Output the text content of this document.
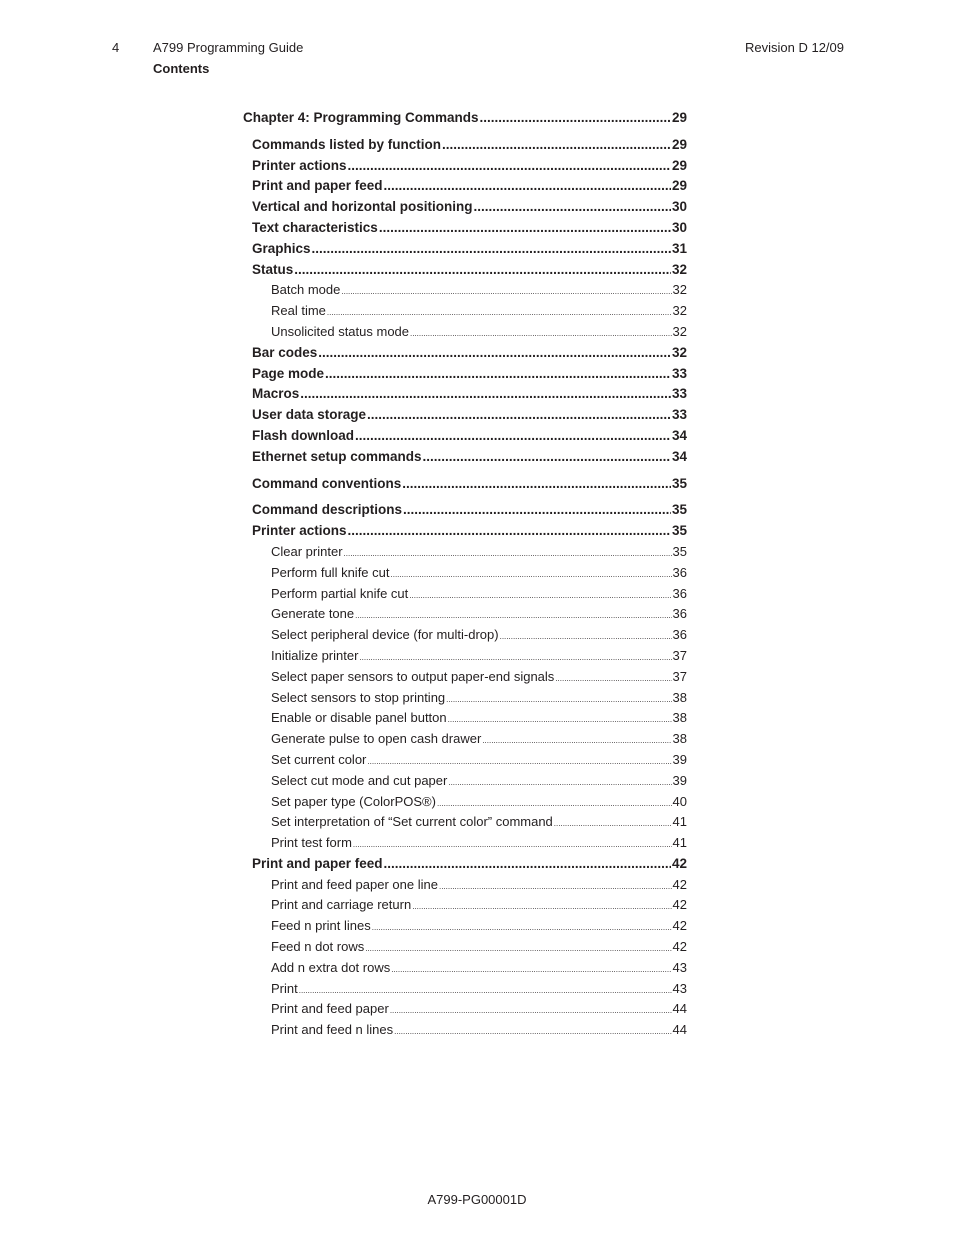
4	A799 Programming Guide
Contents
Revision D 12/09
Chapter 4: Programming Commands .....	29
Commands listed by function .....	29
Printer actions .....	29
Print and paper feed .....	29
Vertical and horizontal positioning .....	30
Text characteristics .....	30
Graphics .....	31
Status .....	32
Batch mode .....	32
Real time .....	32
Unsolicited status mode .....	32
Bar codes .....	32
Page mode .....	33
Macros .....	33
User data storage .....	33
Flash download .....	34
Ethernet setup commands .....	34
Command conventions .....	35
Command descriptions .....	35
Printer actions .....	35
Clear printer .....	35
Perform full knife cut .....	36
Perform partial knife cut .....	36
Generate tone .....	36
Select peripheral device (for multi-drop) .....	36
Initialize printer .....	37
Select paper sensors to output paper-end signals .....	37
Select sensors to stop printing .....	38
Enable or disable panel button .....	38
Generate pulse to open cash drawer .....	38
Set current color .....	39
Select cut mode and cut paper .....	39
Set paper type (ColorPOS®) .....	40
Set interpretation of “Set current color” command .....	41
Print test form .....	41
Print and paper feed .....	42
Print and feed paper one line .....	42
Print and carriage return .....	42
Feed n print lines .....	42
Feed n dot rows .....	42
Add n extra dot rows .....	43
Print .....	43
Print and feed paper .....	44
Print and feed n lines .....	44
A799-PG00001D
